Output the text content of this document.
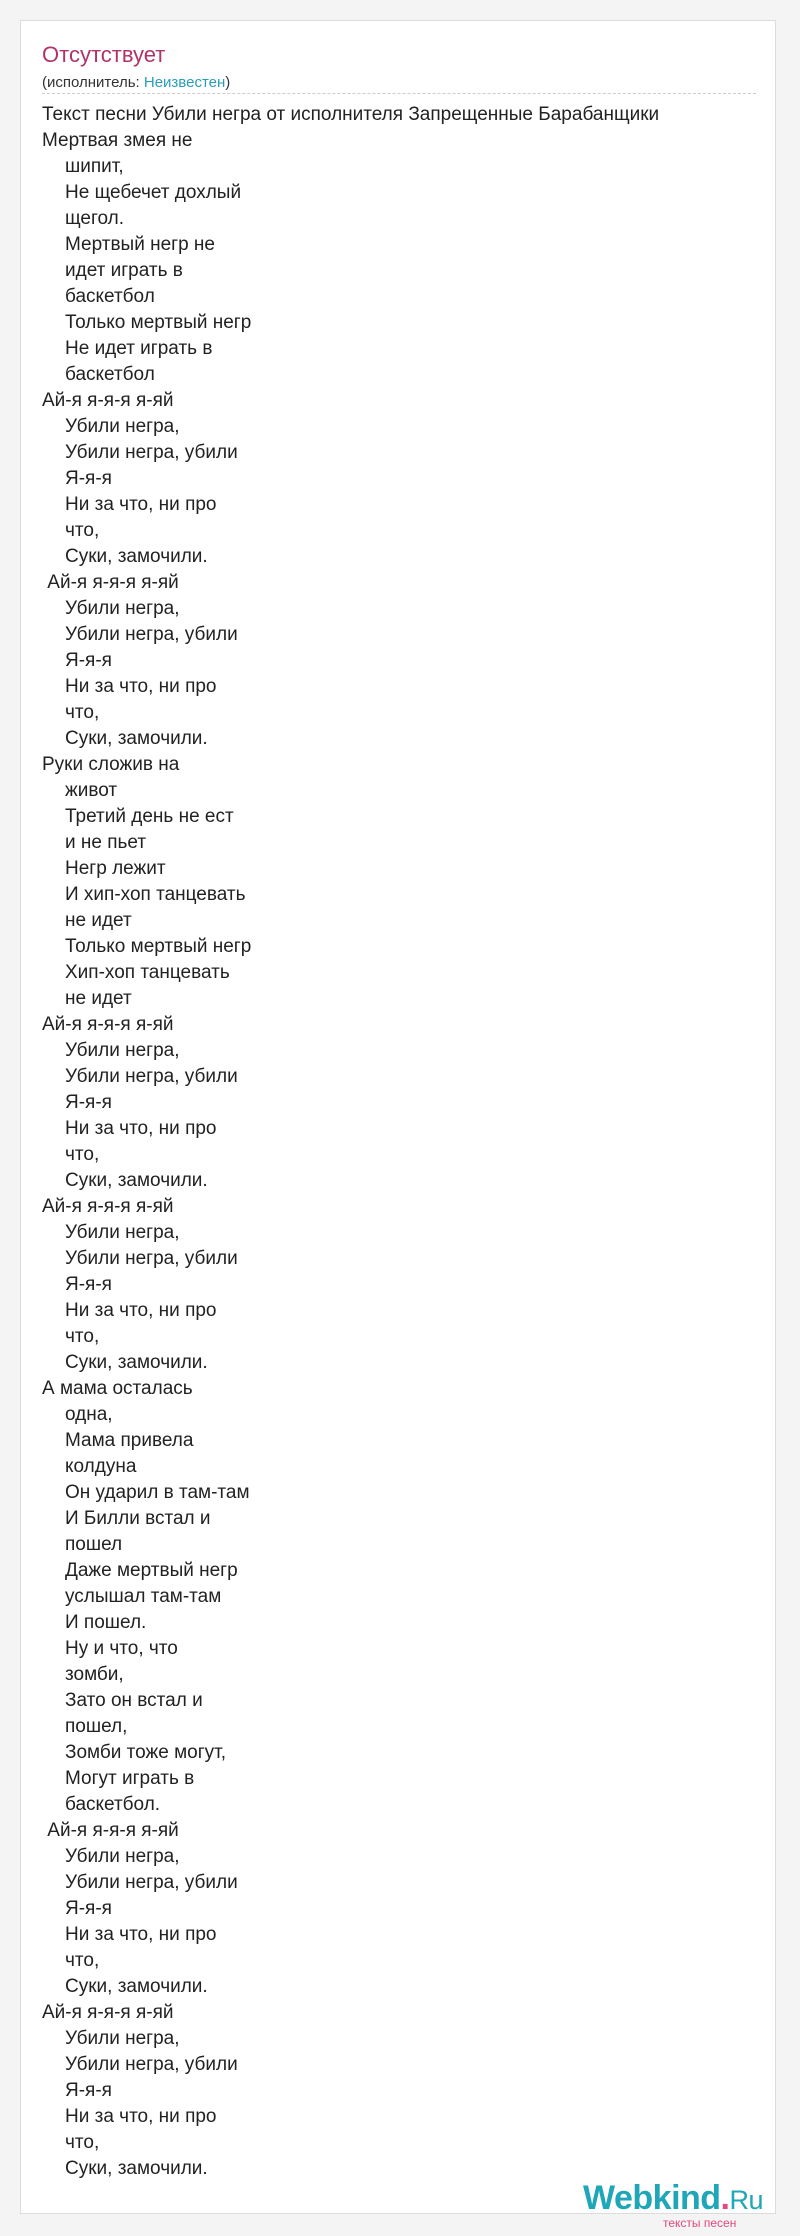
Отсутствует
(исполнитель: Неизвестен)
Текст песни Убили негра от исполнителя Запрещенные Барабанщики
Мертвая змея не
шипит,
Не щебечет дохлый
щегол.
Мертвый негр не
идет играть в
баскетбол
Только мертвый негр
Не идет играть в
баскетбол
Ай-я я-я-я я-яй
Убили негра,
Убили негра, убили
Я-я-я
Ни за что, ни про
что,
Суки, замочили.
Ай-я я-я-я я-яй
Убили негра,
Убили негра, убили
Я-я-я
Ни за что, ни про
что,
Суки, замочили.
Руки сложив на
живот
Третий день не ест
и не пьет
Негр лежит
И хип-хоп танцевать
не идет
Только мертвый негр
Хип-хоп танцевать
не идет
Ай-я я-я-я я-яй
Убили негра,
Убили негра, убили
Я-я-я
Ни за что, ни про
что,
Суки, замочили.
Ай-я я-я-я я-яй
Убили негра,
Убили негра, убили
Я-я-я
Ни за что, ни про
что,
Суки, замочили.
А мама осталась
одна,
Мама привела
колдуна
Он ударил в там-там
И Билли встал и
пошел
Даже мертвый негр
услышал там-там
И пошел.
Ну и что, что
зомби,
Зато он встал и
пошел,
Зомби тоже могут,
Могут играть в
баскетбол.
Ай-я я-я-я я-яй
Убили негра,
Убили негра, убили
Я-я-я
Ни за что, ни про
что,
Суки, замочили.
Ай-я я-я-я я-яй
Убили негра,
Убили негра, убили
Я-я-я
Ни за что, ни про
что,
Суки, замочили.
Webkind.Ru
тексты песен
